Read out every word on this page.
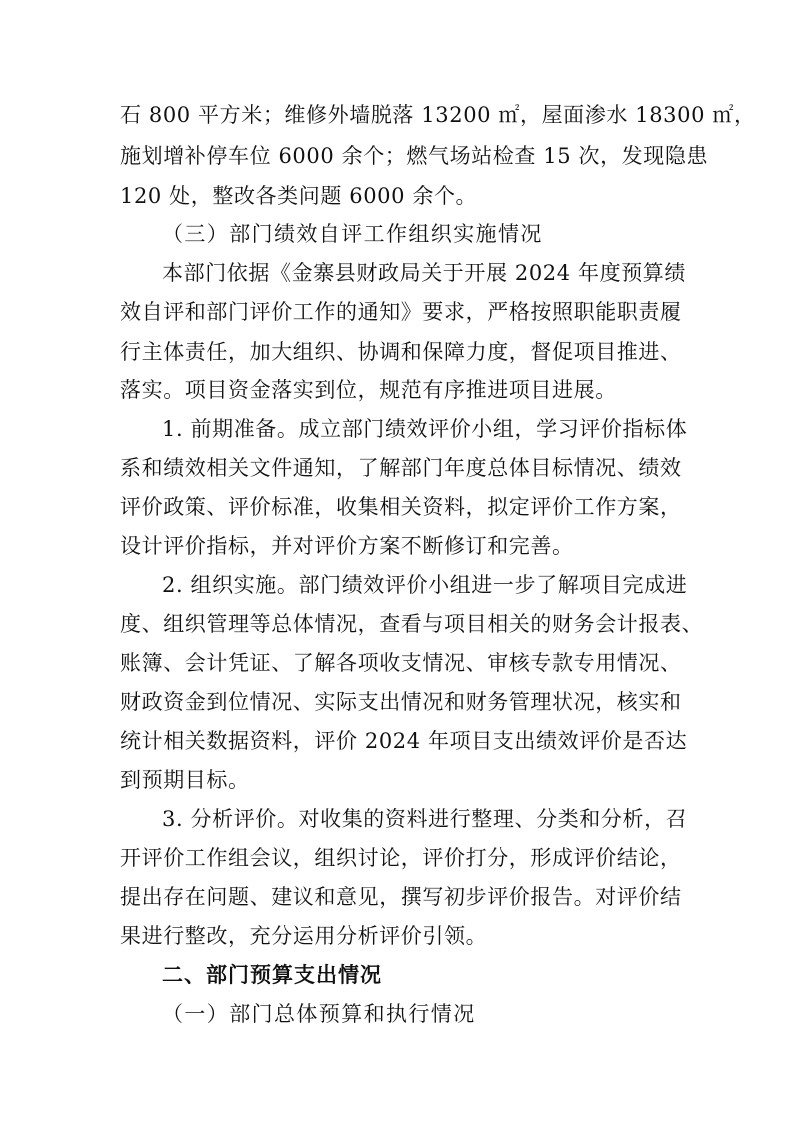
石 800 平方米；维修外墙脱落 13200 ㎡，屋面渗水 18300 ㎡，
施划增补停车位 6000 余个；燃气场站检查 15 次，发现隐患
120 处，整改各类问题 6000 余个。
（三）部门绩效自评工作组织实施情况
本部门依据《金寨县财政局关于开展 2024 年度预算绩
效自评和部门评价工作的通知》要求，严格按照职能职责履
行主体责任，加大组织、协调和保障力度，督促项目推进、
落实。项目资金落实到位，规范有序推进项目进展。
1. 前期准备。成立部门绩效评价小组，学习评价指标体
系和绩效相关文件通知，了解部门年度总体目标情况、绩效
评价政策、评价标准，收集相关资料，拟定评价工作方案，
设计评价指标，并对评价方案不断修订和完善。
2. 组织实施。部门绩效评价小组进一步了解项目完成进
度、组织管理等总体情况，查看与项目相关的财务会计报表、
账簿、会计凭证、了解各项收支情况、审核专款专用情况、
财政资金到位情况、实际支出情况和财务管理状况，核实和
统计相关数据资料，评价 2024 年项目支出绩效评价是否达
到预期目标。
3. 分析评价。对收集的资料进行整理、分类和分析，召
开评价工作组会议，组织讨论，评价打分，形成评价结论，
提出存在问题、建议和意见，撰写初步评价报告。对评价结
果进行整改，充分运用分析评价引领。
二、部门预算支出情况
（一）部门总体预算和执行情况
